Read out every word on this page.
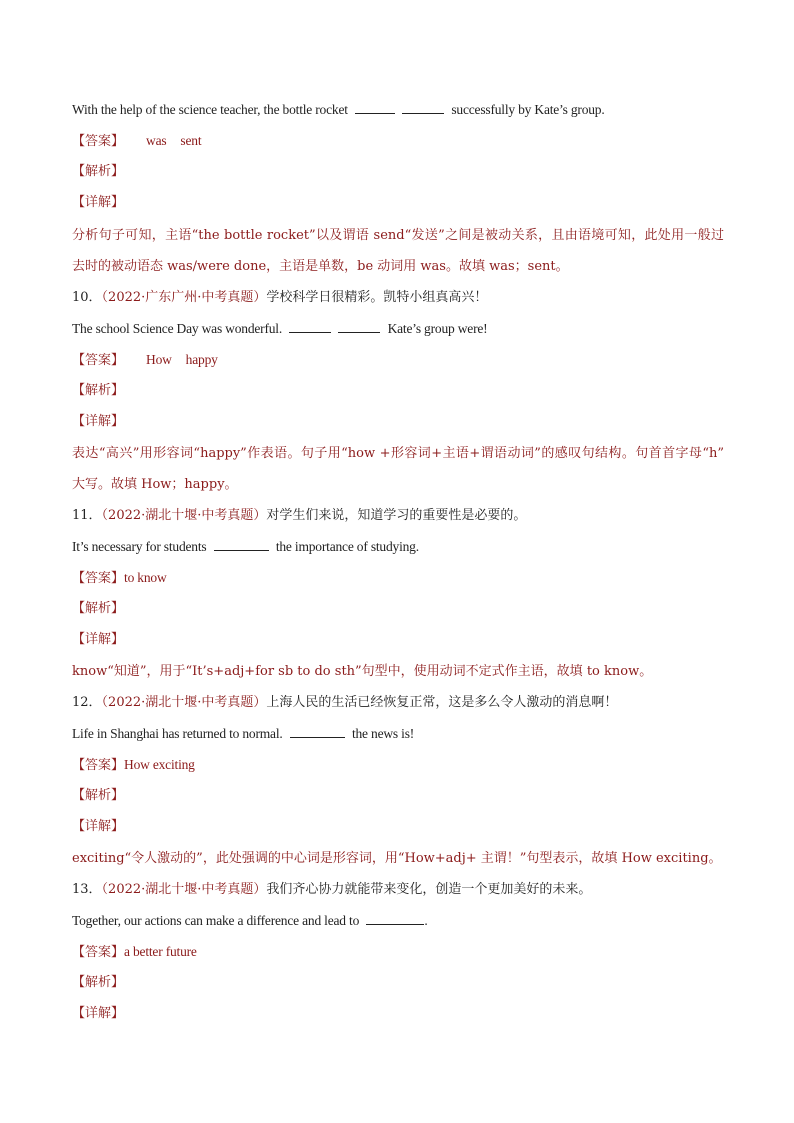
With the help of the science teacher, the bottle rocket	successfully by Kate’s group.
【答案】 was sent
【解析】
【详解】
分析句子可知，主语“the bottle rocket”以及谓语 send“发送”之间是被动关系，且由语境可知，此处用一般过
去时的被动语态 was/were done，主语是单数，be 动词用 was。故填 was；sent。
10．（2022·广东广州·中考真题）学校科学日很精彩。凯特小组真高兴！
The school Science Day was wonderful.	Kate’s group were!
【答案】 How happy
【解析】
【详解】
表达“高兴”用形容词“happy”作表语。句子用“how +形容词+主语+谓语动词”的感叹句结构。句首首字母“h”
大写。故填 How；happy。
11．（2022·湖北十堰·中考真题）对学生们来说，知道学习的重要性是必要的。
It’s necessary for students	the importance of studying.
【答案】to know
【解析】
【详解】
know“知道”，用于“It’s+adj+for sb to do sth”句型中，使用动词不定式作主语，故填 to know。
12．（2022·湖北十堰·中考真题）上海人民的生活已经恢复正常，这是多么令人激动的消息啊！
Life in Shanghai has returned to normal.	the news is!
【答案】How exciting
【解析】
【详解】
exciting“令人激动的”，此处强调的中心词是形容词，用“How+adj+ 主谓！”句型表示，故填 How exciting。
13．（2022·湖北十堰·中考真题）我们齐心协力就能带来变化，创造一个更加美好的未来。
Together, our actions can make a difference and lead to	.
【答案】a better future
【解析】
【详解】
